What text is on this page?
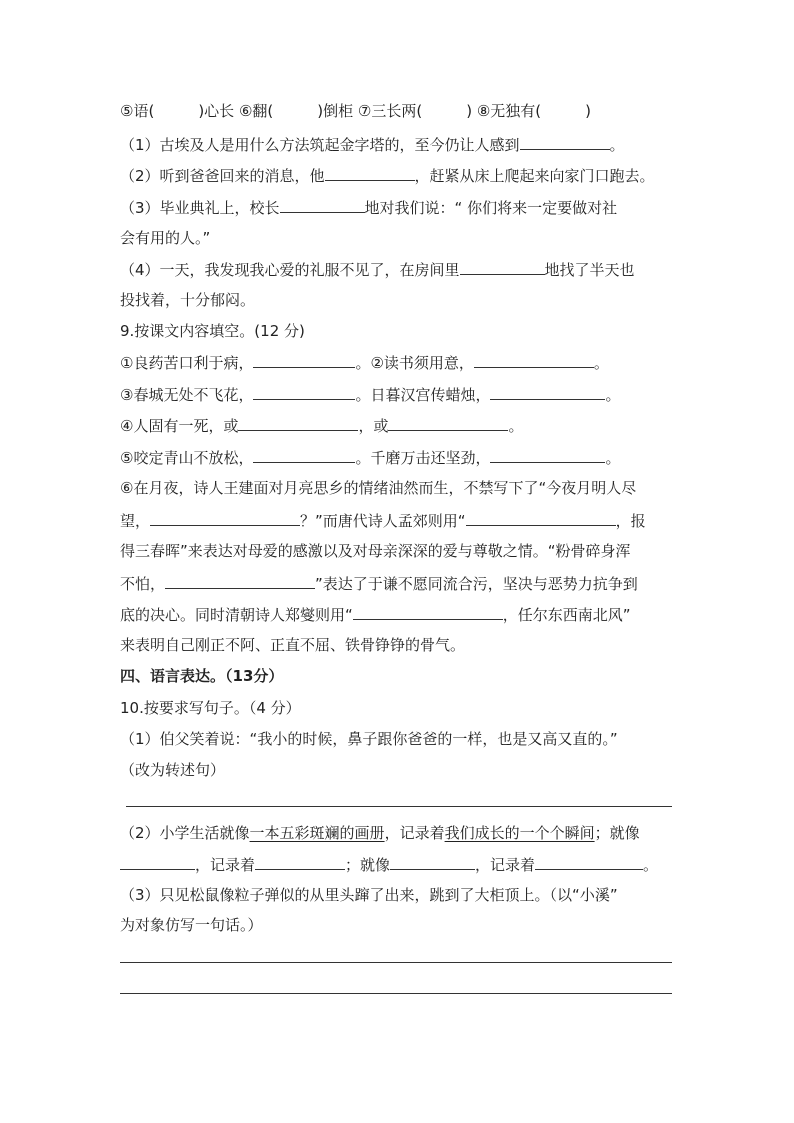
⑤语(	)心长 ⑥翻(	)倒柜 ⑦三长两(	) ⑧无独有(	)
（1）古埃及人是用什么方法筑起金字塔的，至今仍让人感到	。
（2）听到爸爸回来的消息，他	，赶紧从床上爬起来向家门口跑去。
（3）毕业典礼上，校长	地对我们说：“ 你们将来一定要做对社
会有用的人。”
（4）一天，我发现我心爱的礼服不见了，在房间里	地找了半天也
投找着，十分郁闷。
9.按课文内容填空。(12 分)
①良药苦口利于病，	。②读书须用意，	。
③春城无处不飞花，	。日暮汉宫传蜡烛，	。
④人固有一死，或	，或	。
⑤咬定青山不放松，	。千磨万击还坚劲，	。
⑥在月夜，诗人王建面对月亮思乡的情绪油然而生，不禁写下了“今夜月明人尽
望，	？”而唐代诗人孟郊则用“	，报
得三春晖”来表达对母爱的感激以及对母亲深深的爱与尊敬之情。“粉骨碎身浑
不怕，	”表达了于谦不愿同流合污，坚决与恶势力抗争到
底的决心。同时清朝诗人郑燮则用“	，任尔东西南北风”
来表明自己刚正不阿、正直不屈、铁骨铮铮的骨气。
四、语言表达。（13分）
10.按要求写句子。（4 分）
（1）伯父笑着说：“我小的时候，鼻子跟你爸爸的一样，也是又高又直的。”
（改为转述句）
（2）小学生活就像一本五彩斑斓的画册，记录着我们成长的一个个瞬间；就像
，记录着	；就像	，记录着	。
（3）只见松鼠像粒子弹似的从里头蹿了出来，跳到了大柜顶上。（以“小溪”
为对象仿写一句话。）
